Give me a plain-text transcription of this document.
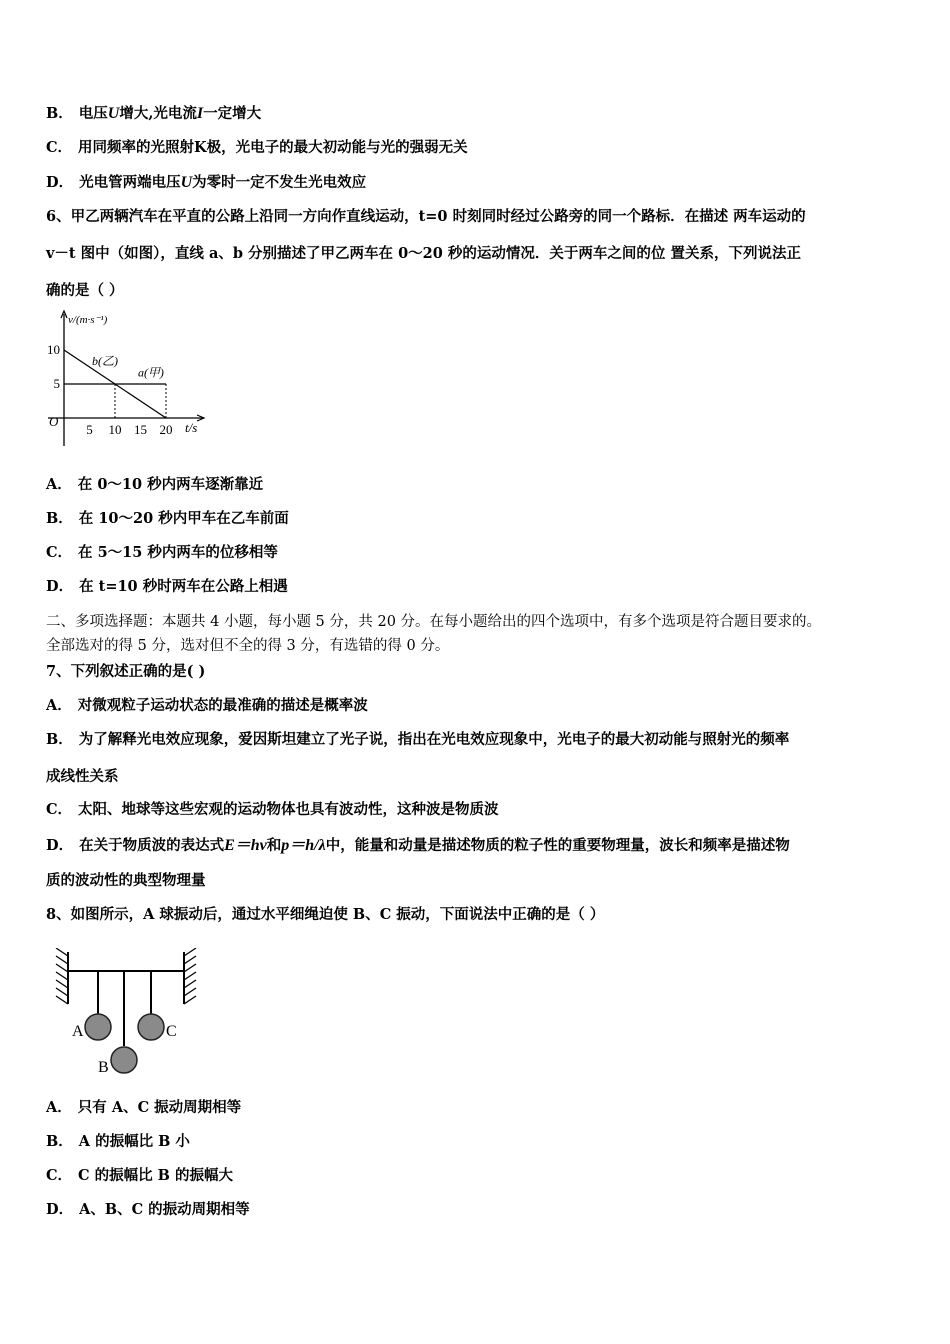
B． 电压U增大,光电流I一定增大
C． 用同频率的光照射K极，光电子的最大初动能与光的强弱无关
D． 光电管两端电压U为零时一定不发生光电效应
6、甲乙两辆汽车在平直的公路上沿同一方向作直线运动，t=0 时刻同时经过公路旁的同一个路标．在描述 两车运动的
v－t 图中（如图），直线 a、b 分别描述了甲乙两车在 0～20 秒的运动情况．关于两车之间的位 置关系，下列说法正
确的是（ ）
v/(m·s⁻¹)
t/s
O
5 10 15 20
10
5
b(乙)
a(甲)
A． 在 0～10 秒内两车逐渐靠近
B． 在 10～20 秒内甲车在乙车前面
C． 在 5～15 秒内两车的位移相等
D． 在 t=10 秒时两车在公路上相遇
二、多项选择题：本题共 4 小题，每小题 5 分，共 20 分。在每小题给出的四个选项中，有多个选项是符合题目要求的。
全部选对的得 5 分，选对但不全的得 3 分，有选错的得 0 分。
7、下列叙述正确的是( )
A． 对微观粒子运动状态的最准确的描述是概率波
B． 为了解释光电效应现象，爱因斯坦建立了光子说，指出在光电效应现象中，光电子的最大初动能与照射光的频率
成线性关系
C． 太阳、地球等这些宏观的运动物体也具有波动性，这种波是物质波
D． 在关于物质波的表达式E＝hν和p＝h/λ中，能量和动量是描述物质的粒子性的重要物理量，波长和频率是描述物
质的波动性的典型物理量
8、如图所示，A 球振动后，通过水平细绳迫使 B、C 振动，下面说法中正确的是（ ）
A
B
C
A． 只有 A、C 振动周期相等
B． A 的振幅比 B 小
C． C 的振幅比 B 的振幅大
D． A、B、C 的振动周期相等
